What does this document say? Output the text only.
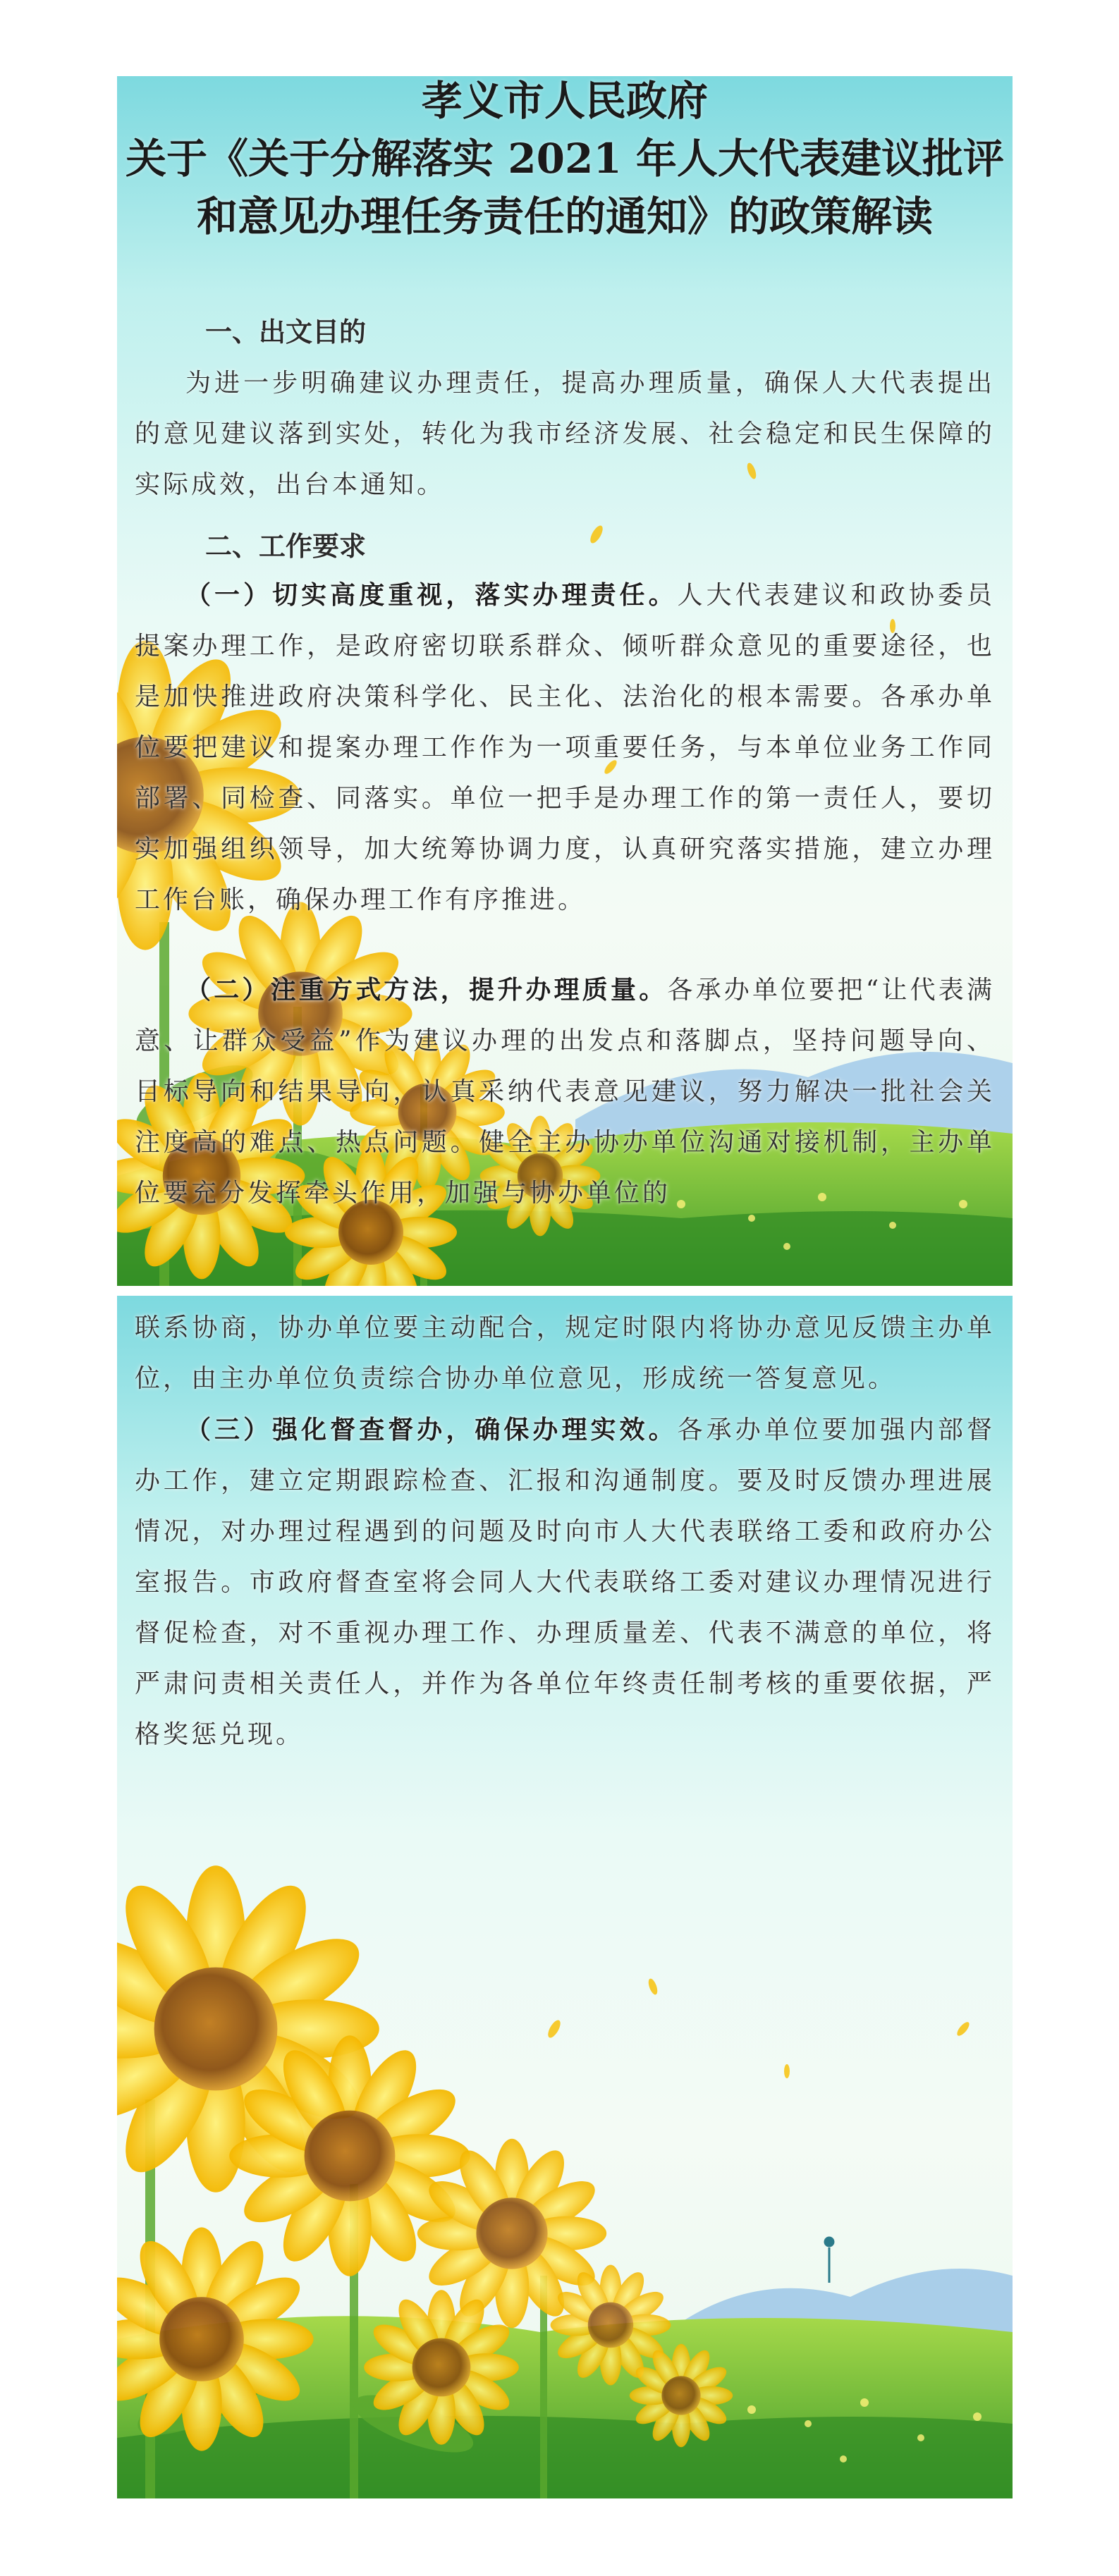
孝义市人民政府
关于《关于分解落实 2021 年人大代表建议批评
和意见办理任务责任的通知》的政策解读
一、出文目的

为进一步明确建议办理责任，提高办理质量，确保人大代表提出的意见建议落到实处，转化为我市经济发展、社会稳定和民生保障的实际成效，出台本通知。

二、工作要求

（一）切实高度重视，落实办理责任。人大代表建议和政协委员提案办理工作，是政府密切联系群众、倾听群众意见的重要途径，也是加快推进政府决策科学化、民主化、法治化的根本需要。各承办单位要把建议和提案办理工作作为一项重要任务，与本单位业务工作同部署、同检查、同落实。单位一把手是办理工作的第一责任人，要切实加强组织领导，加大统筹协调力度，认真研究落实措施，建立办理工作台账，确保办理工作有序推进。

（二）注重方式方法，提升办理质量。各承办单位要把“让代表满意、让群众受益”作为建议办理的出发点和落脚点，坚持问题导向、目标导向和结果导向，认真采纳代表意见建议，努力解决一批社会关注度高的难点、热点问题。健全主办协办单位沟通对接机制，主办单位要充分发挥牵头作用，加强与协办单位的

联系协商，协办单位要主动配合，规定时限内将协办意见反馈主办单位，由主办单位负责综合协办单位意见，形成统一答复意见。

（三）强化督查督办，确保办理实效。各承办单位要加强内部督办工作，建立定期跟踪检查、汇报和沟通制度。要及时反馈办理进展情况，对办理过程遇到的问题及时向市人大代表联络工委和政府办公室报告。市政府督查室将会同人大代表联络工委对建议办理情况进行督促检查，对不重视办理工作、办理质量差、代表不满意的单位，将严肃问责相关责任人，并作为各单位年终责任制考核的重要依据，严格奖惩兑现。
